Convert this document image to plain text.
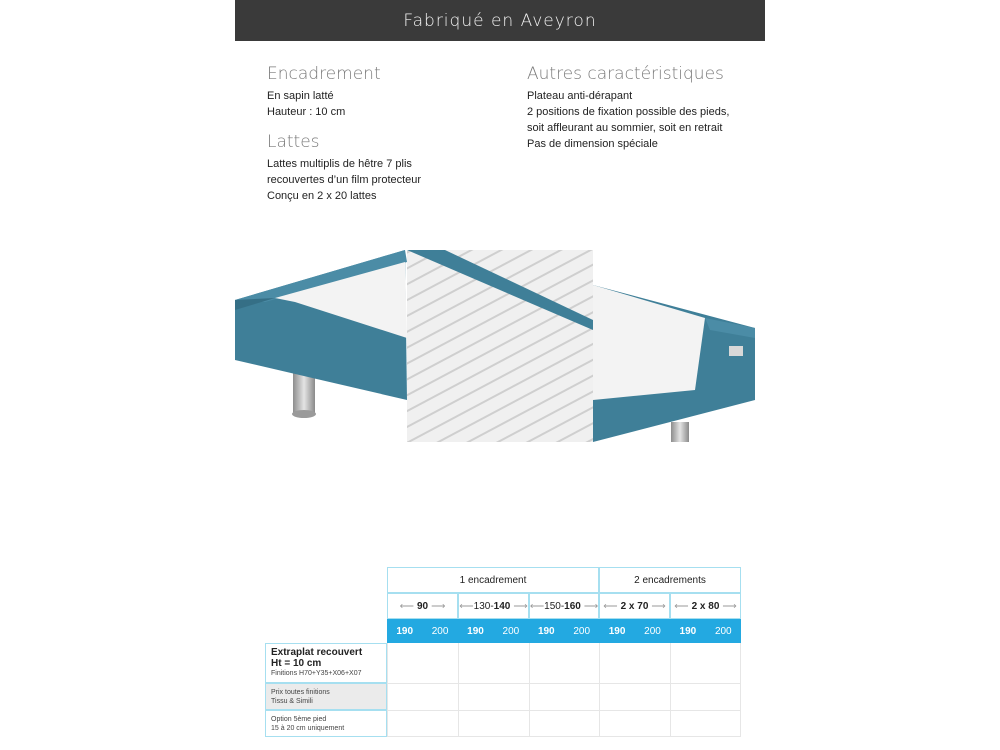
Fabriqué en Aveyron
Encadrement
En sapin latté
Hauteur : 10 cm
Lattes
Lattes multiplis de hêtre 7 plis
recouvertes d’un film protecteur
Conçu en 2 x 20 lattes
Autres caractéristiques
Plateau anti-dérapant
2 positions de fixation possible des pieds,
soit affleurant au sommier, soit en retrait
Pas de dimension spéciale
1 encadrement	2 encadrements
⟵ 90 ⟶ ⟵ 130- 140 ⟶ ⟵ 150- 160 ⟶ ⟵ 2 x 70 ⟶ ⟵ 2 x 80 ⟶
190	200	190	200	190	200	190	200	190	200
Extraplat recouvert
Ht = 10 cm
Finitions H70+Y35+X06+X07
Prix toutes finitions
Tissu & Simili
Option 5ème pied
15 à 20 cm uniquement
